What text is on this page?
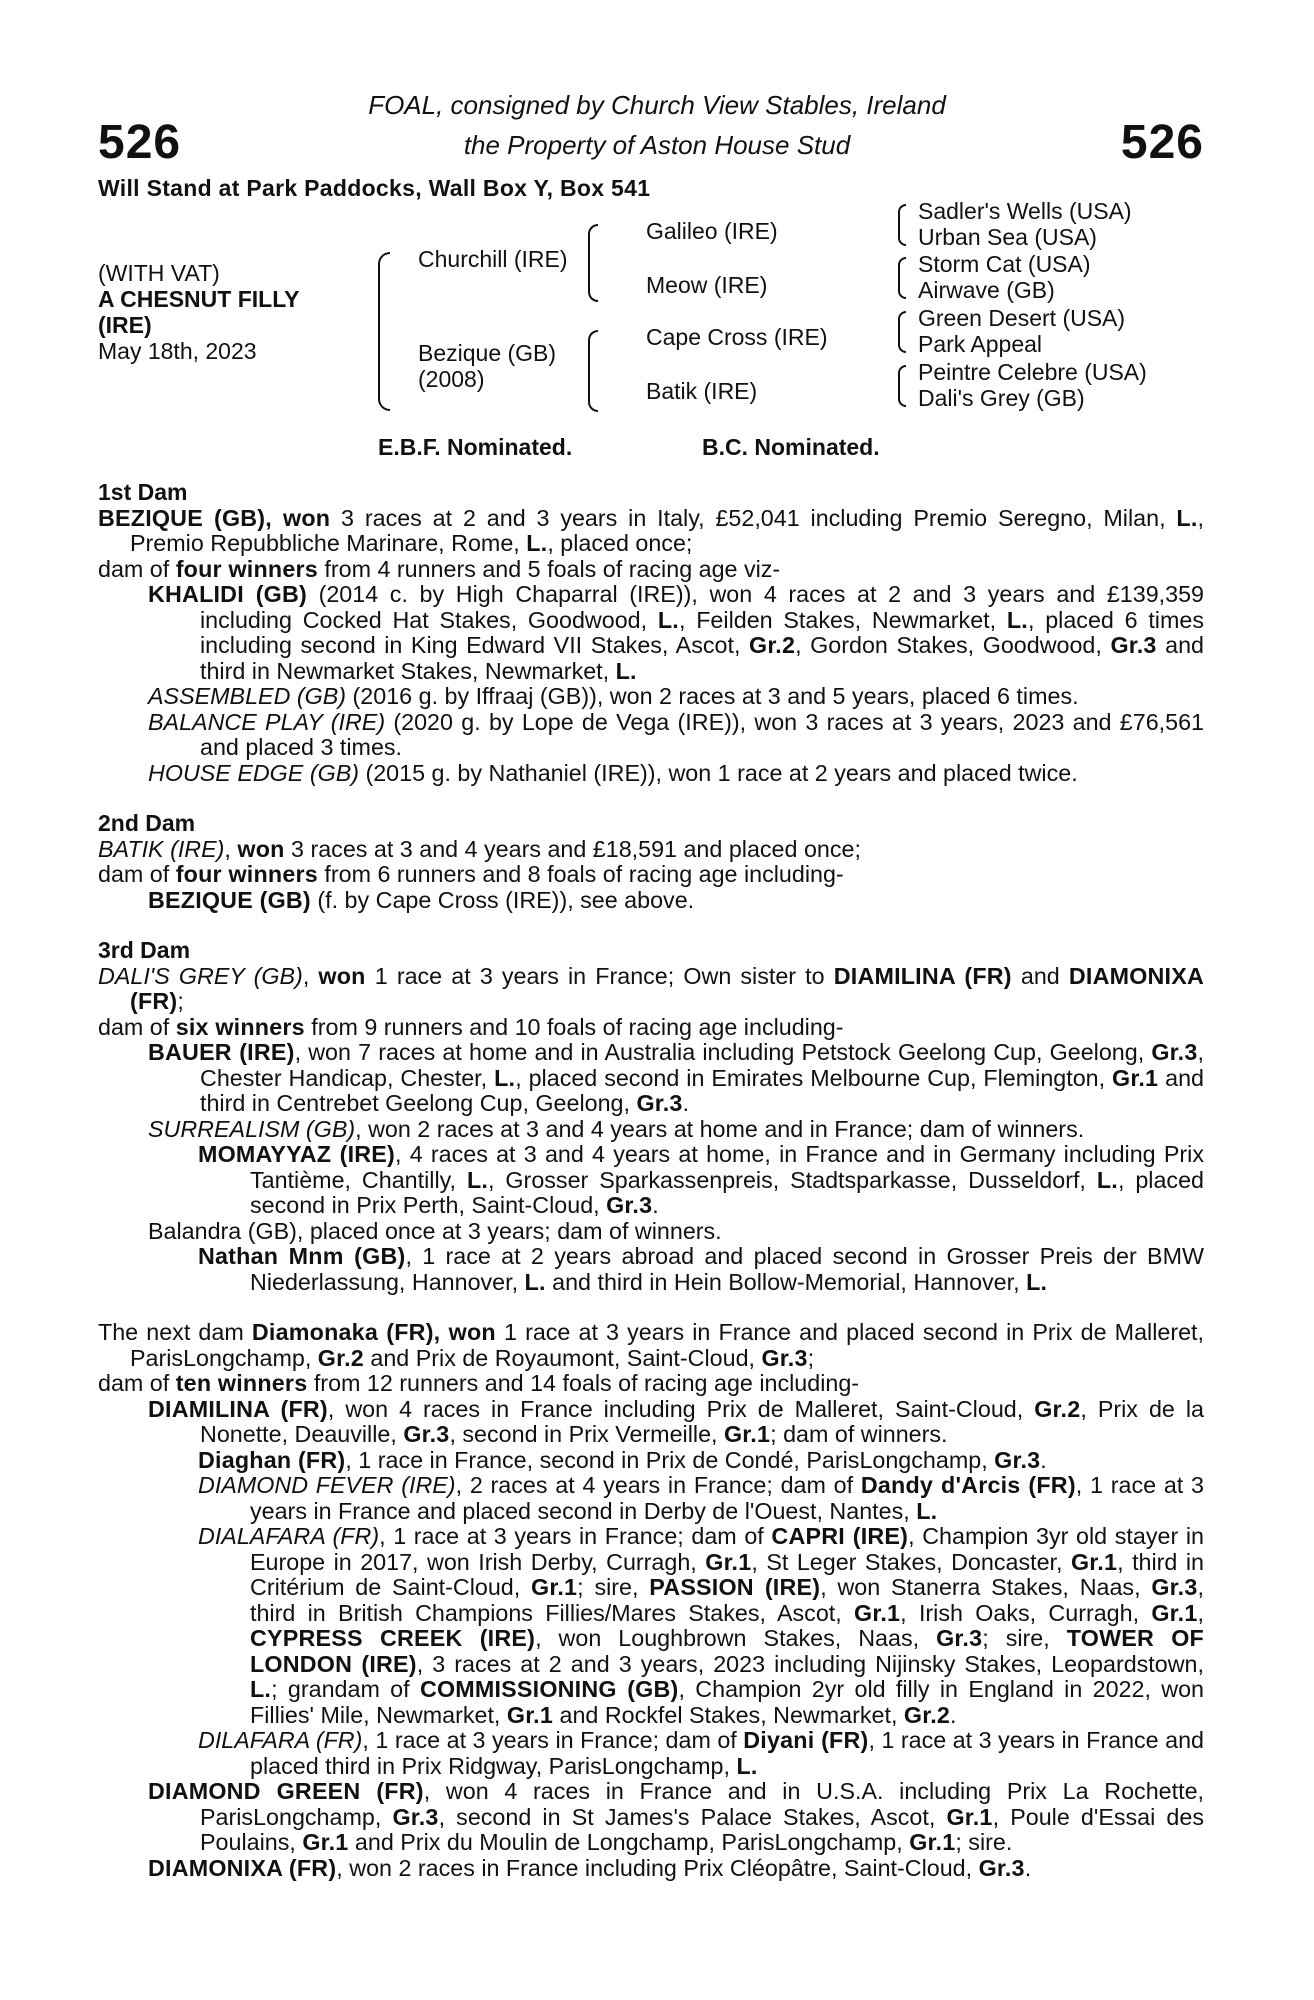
526	526
FOAL, consigned by Church View Stables, Ireland
the Property of Aston House Stud
Will Stand at Park Paddocks, Wall Box Y, Box 541
(WITH VAT)
A CHESNUT FILLY
(IRE)
May 18th, 2023
Churchill (IRE)
Bezique (GB)
(2008)
Galileo (IRE)
Meow (IRE)
Cape Cross (IRE)
Batik (IRE)
Sadler's Wells (USA)
Urban Sea (USA)
Storm Cat (USA)
Airwave (GB)
Green Desert (USA)
Park Appeal
Peintre Celebre (USA)
Dali's Grey (GB)
E.B.F. Nominated.	B.C. Nominated.

1st Dam

BEZIQUE (GB), won 3 races at 2 and 3 years in Italy, £52,041 including Premio Seregno, Milan, L., Premio Repubbliche Marinare, Rome, L., placed once;

dam of four winners from 4 runners and 5 foals of racing age viz-

KHALIDI (GB) (2014 c. by High Chaparral (IRE)), won 4 races at 2 and 3 years and £139,359 including Cocked Hat Stakes, Goodwood, L., Feilden Stakes, Newmarket, L., placed 6 times including second in King Edward VII Stakes, Ascot, Gr.2, Gordon Stakes, Goodwood, Gr.3 and third in Newmarket Stakes, Newmarket, L.

ASSEMBLED (GB) (2016 g. by Iffraaj (GB)), won 2 races at 3 and 5 years, placed 6 times.

BALANCE PLAY (IRE) (2020 g. by Lope de Vega (IRE)), won 3 races at 3 years, 2023 and £76,561 and placed 3 times.

HOUSE EDGE (GB) (2015 g. by Nathaniel (IRE)), won 1 race at 2 years and placed twice.

2nd Dam

BATIK (IRE), won 3 races at 3 and 4 years and £18,591 and placed once;

dam of four winners from 6 runners and 8 foals of racing age including-

BEZIQUE (GB) (f. by Cape Cross (IRE)), see above.

3rd Dam

DALI'S GREY (GB), won 1 race at 3 years in France; Own sister to DIAMILINA (FR) and DIAMONIXA (FR);

dam of six winners from 9 runners and 10 foals of racing age including-

BAUER (IRE), won 7 races at home and in Australia including Petstock Geelong Cup, Geelong, Gr.3, Chester Handicap, Chester, L., placed second in Emirates Melbourne Cup, Flemington, Gr.1 and third in Centrebet Geelong Cup, Geelong, Gr.3.

SURREALISM (GB), won 2 races at 3 and 4 years at home and in France; dam of winners.

MOMAYYAZ (IRE), 4 races at 3 and 4 years at home, in France and in Germany including Prix Tantième, Chantilly, L., Grosser Sparkassenpreis, Stadtsparkasse, Dusseldorf, L., placed second in Prix Perth, Saint-Cloud, Gr.3.

Balandra (GB), placed once at 3 years; dam of winners.

Nathan Mnm (GB), 1 race at 2 years abroad and placed second in Grosser Preis der BMW Niederlassung, Hannover, L. and third in Hein Bollow-Memorial, Hannover, L.

The next dam Diamonaka (FR), won 1 race at 3 years in France and placed second in Prix de Malleret, ParisLongchamp, Gr.2 and Prix de Royaumont, Saint-Cloud, Gr.3;

dam of ten winners from 12 runners and 14 foals of racing age including-

DIAMILINA (FR), won 4 races in France including Prix de Malleret, Saint-Cloud, Gr.2, Prix de la Nonette, Deauville, Gr.3, second in Prix Vermeille, Gr.1; dam of winners.

Diaghan (FR), 1 race in France, second in Prix de Condé, ParisLongchamp, Gr.3.

DIAMOND FEVER (IRE), 2 races at 4 years in France; dam of Dandy d'Arcis (FR), 1 race at 3 years in France and placed second in Derby de l'Ouest, Nantes, L.

DIALAFARA (FR), 1 race at 3 years in France; dam of CAPRI (IRE), Champion 3yr old stayer in Europe in 2017, won Irish Derby, Curragh, Gr.1, St Leger Stakes, Doncaster, Gr.1, third in Critérium de Saint-Cloud, Gr.1; sire, PASSION (IRE), won Stanerra Stakes, Naas, Gr.3, third in British Champions Fillies/Mares Stakes, Ascot, Gr.1, Irish Oaks, Curragh, Gr.1, CYPRESS CREEK (IRE), won Loughbrown Stakes, Naas, Gr.3; sire, TOWER OF LONDON (IRE), 3 races at 2 and 3 years, 2023 including Nijinsky Stakes, Leopardstown, L.; grandam of COMMISSIONING (GB), Champion 2yr old filly in England in 2022, won Fillies' Mile, Newmarket, Gr.1 and Rockfel Stakes, Newmarket, Gr.2.

DILAFARA (FR), 1 race at 3 years in France; dam of Diyani (FR), 1 race at 3 years in France and placed third in Prix Ridgway, ParisLongchamp, L.

DIAMOND GREEN (FR), won 4 races in France and in U.S.A. including Prix La Rochette, ParisLongchamp, Gr.3, second in St James's Palace Stakes, Ascot, Gr.1, Poule d'Essai des Poulains, Gr.1 and Prix du Moulin de Longchamp, ParisLongchamp, Gr.1; sire.

DIAMONIXA (FR), won 2 races in France including Prix Cléopâtre, Saint-Cloud, Gr.3.
